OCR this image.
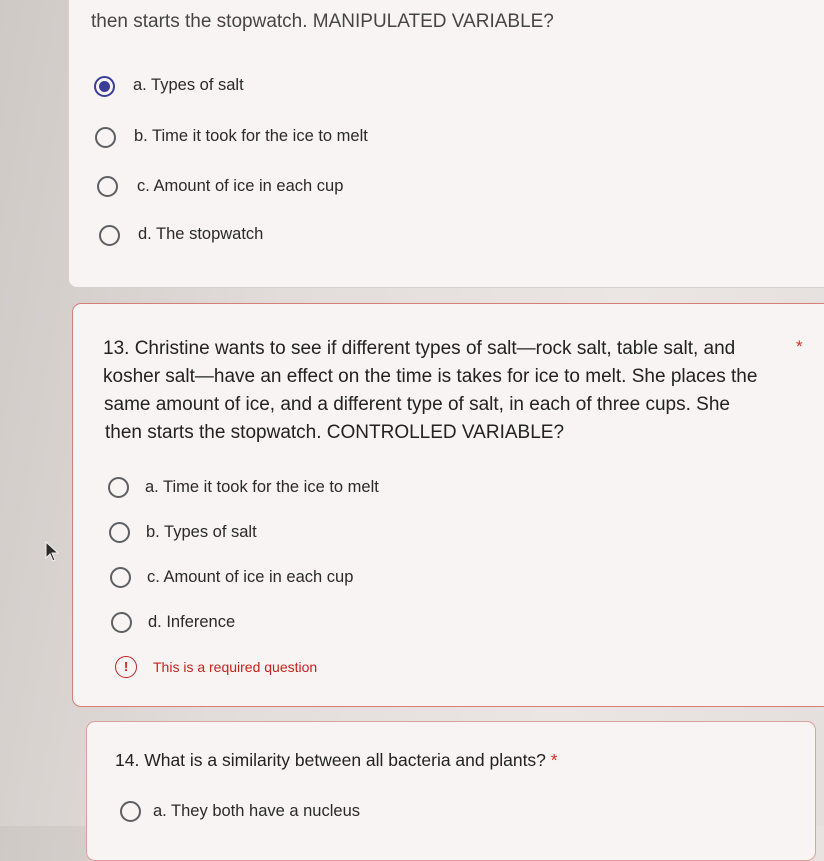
then starts the stopwatch. MANIPULATED VARIABLE?
a. Types of salt
b. Time it took for the ice to melt
c. Amount of ice in each cup
d. The stopwatch
13. Christine wants to see if different types of salt—rock salt, table salt, and
kosher salt—have an effect on the time is takes for ice to melt. She places the
same amount of ice, and a different type of salt, in each of three cups. She
then starts the stopwatch. CONTROLLED VARIABLE?
*
a. Time it took for the ice to melt
b. Types of salt
c. Amount of ice in each cup
d. Inference
!	This is a required question
14. What is a similarity between all bacteria and plants? *
a. They both have a nucleus
